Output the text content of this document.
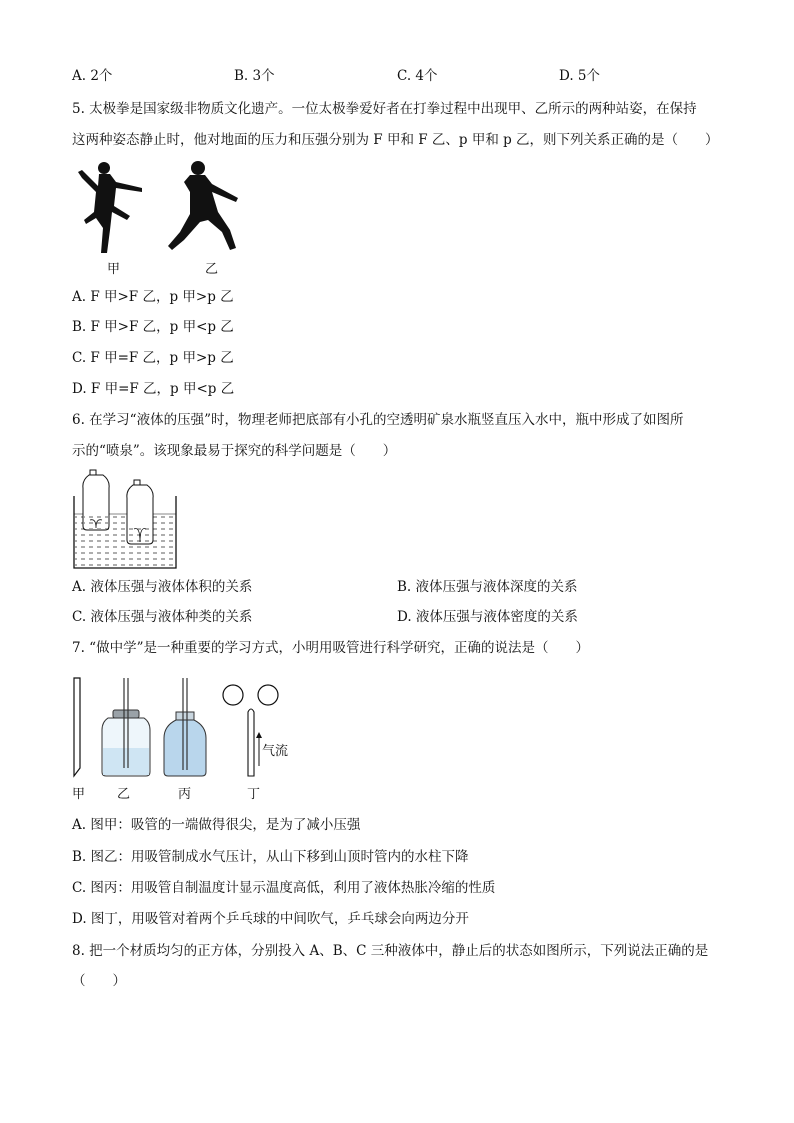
A. 2个	B. 3个	C. 4个	D. 5个
5. 太极拳是国家级非物质文化遗产。一位太极拳爱好者在打拳过程中出现甲、乙所示的两种站姿，在保持
这两种姿态静止时，他对地面的压力和压强分别为 F 甲和 F 乙、p 甲和 p 乙，则下列关系正确的是（　　）
甲	乙
A. F 甲>F 乙，p 甲>p 乙
B. F 甲>F 乙，p 甲<p 乙
C. F 甲=F 乙，p 甲>p 乙
D. F 甲=F 乙，p 甲<p 乙
6. 在学习“液体的压强”时，物理老师把底部有小孔的空透明矿泉水瓶竖直压入水中，瓶中形成了如图所
示的“喷泉”。该现象最易于探究的科学问题是（　　）
A. 液体压强与液体体积的关系	B. 液体压强与液体深度的关系
C. 液体压强与液体种类的关系	D. 液体压强与液体密度的关系
7. “做中学”是一种重要的学习方式，小明用吸管进行科学研究，正确的说法是（　　）
气流
甲 乙	丙	丁
A. 图甲：吸管的一端做得很尖，是为了减小压强
B. 图乙：用吸管制成水气压计，从山下移到山顶时管内的水柱下降
C. 图丙：用吸管自制温度计显示温度高低，利用了液体热胀冷缩的性质
D. 图丁，用吸管对着两个乒乓球的中间吹气，乒乓球会向两边分开
8. 把一个材质均匀的正方体，分别投入 A、B、C 三种液体中，静止后的状态如图所示，下列说法正确的是
（　　）
